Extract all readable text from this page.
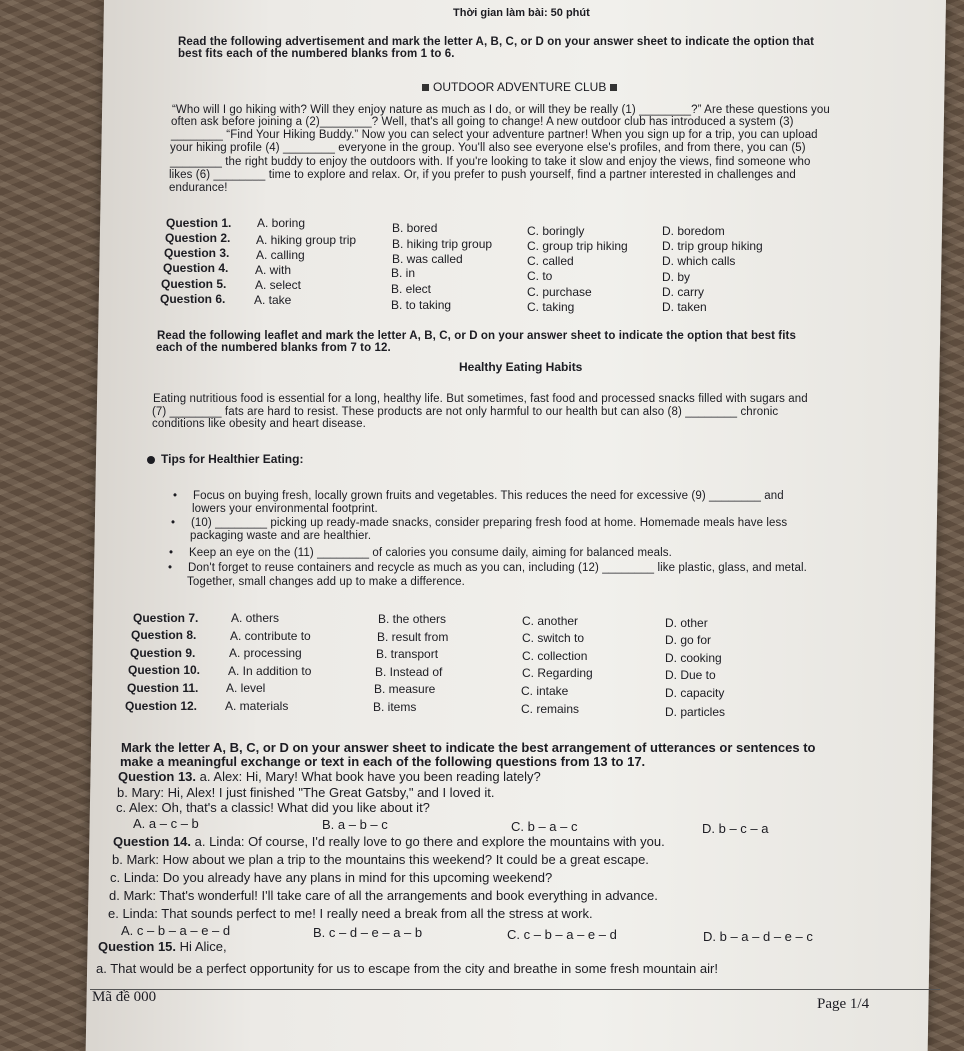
Thời gian làm bài: 50 phút
Read the following advertisement and mark the letter A, B, C, or D on your answer sheet to indicate the option that
best fits each of the numbered blanks from 1 to 6.
OUTDOOR ADVENTURE CLUB
“Who will I go hiking with? Will they enjoy nature as much as I do, or will they be really (1) ________?” Are these questions you
often ask before joining a (2)________? Well, that's all going to change! A new outdoor club has introduced a system (3)
________ “Find Your Hiking Buddy.” Now you can select your adventure partner! When you sign up for a trip, you can upload
your hiking profile (4) ________ everyone in the group. You'll also see everyone else's profiles, and from there, you can (5)
________ the right buddy to enjoy the outdoors with. If you're looking to take it slow and enjoy the views, find someone who
likes (6) ________ time to explore and relax. Or, if you prefer to push yourself, find a partner interested in challenges and
endurance!
Question 1. A. boring	B. bored	C. boringly	D. boredom
Question 2. A. hiking group trip	B. hiking trip group	C. group trip hiking	D. trip group hiking
Question 3. A. calling	B. was called	C. called	D. which calls
Question 4. A. with	B. in	C. to	D. by
Question 5. A. select	B. elect	C. purchase	D. carry
Question 6. A. take	B. to taking	C. taking	D. taken
Read the following leaflet and mark the letter A, B, C, or D on your answer sheet to indicate the option that best fits
each of the numbered blanks from 7 to 12.
Healthy Eating Habits
Eating nutritious food is essential for a long, healthy life. But sometimes, fast food and processed snacks filled with sugars and
(7) ________ fats are hard to resist. These products are not only harmful to our health but can also (8) ________ chronic
conditions like obesity and heart disease.
Tips for Healthier Eating:
• Focus on buying fresh, locally grown fruits and vegetables. This reduces the need for excessive (9) ________ and
lowers your environmental footprint.
• (10) ________ picking up ready-made snacks, consider preparing fresh food at home. Homemade meals have less
packaging waste and are healthier.
• Keep an eye on the (11) ________ of calories you consume daily, aiming for balanced meals.
• Don't forget to reuse containers and recycle as much as you can, including (12) ________ like plastic, glass, and metal.
Together, small changes add up to make a difference.
Question 7.	A. others	B. the others	C. another	D. other
Question 8.	A. contribute to	B. result from	C. switch to	D. go for
Question 9.	A. processing	B. transport	C. collection	D. cooking
Question 10. A. In addition to	B. Instead of	C. Regarding	D. Due to
Question 11. A. level	B. measure	C. intake	D. capacity
Question 12. A. materials	B. items	C. remains	D. particles
Mark the letter A, B, C, or D on your answer sheet to indicate the best arrangement of utterances or sentences to
make a meaningful exchange or text in each of the following questions from 13 to 17.
Question 13. a. Alex: Hi, Mary! What book have you been reading lately?
b. Mary: Hi, Alex! I just finished "The Great Gatsby," and I loved it.
c. Alex: Oh, that's a classic! What did you like about it?
A. a – c – b	B. a – b – c	C. b – a – c	D. b – c – a
Question 14. a. Linda: Of course, I'd really love to go there and explore the mountains with you.
b. Mark: How about we plan a trip to the mountains this weekend? It could be a great escape.
c. Linda: Do you already have any plans in mind for this upcoming weekend?
d. Mark: That's wonderful! I'll take care of all the arrangements and book everything in advance.
e. Linda: That sounds perfect to me! I really need a break from all the stress at work.
A. c – b – a – e – d	B. c – d – e – a – b	C. c – b – a – e – d	D. b – a – d – e – c
Question 15. Hi Alice,
a. That would be a perfect opportunity for us to escape from the city and breathe in some fresh mountain air!
Mã đề 000	Page 1/4
